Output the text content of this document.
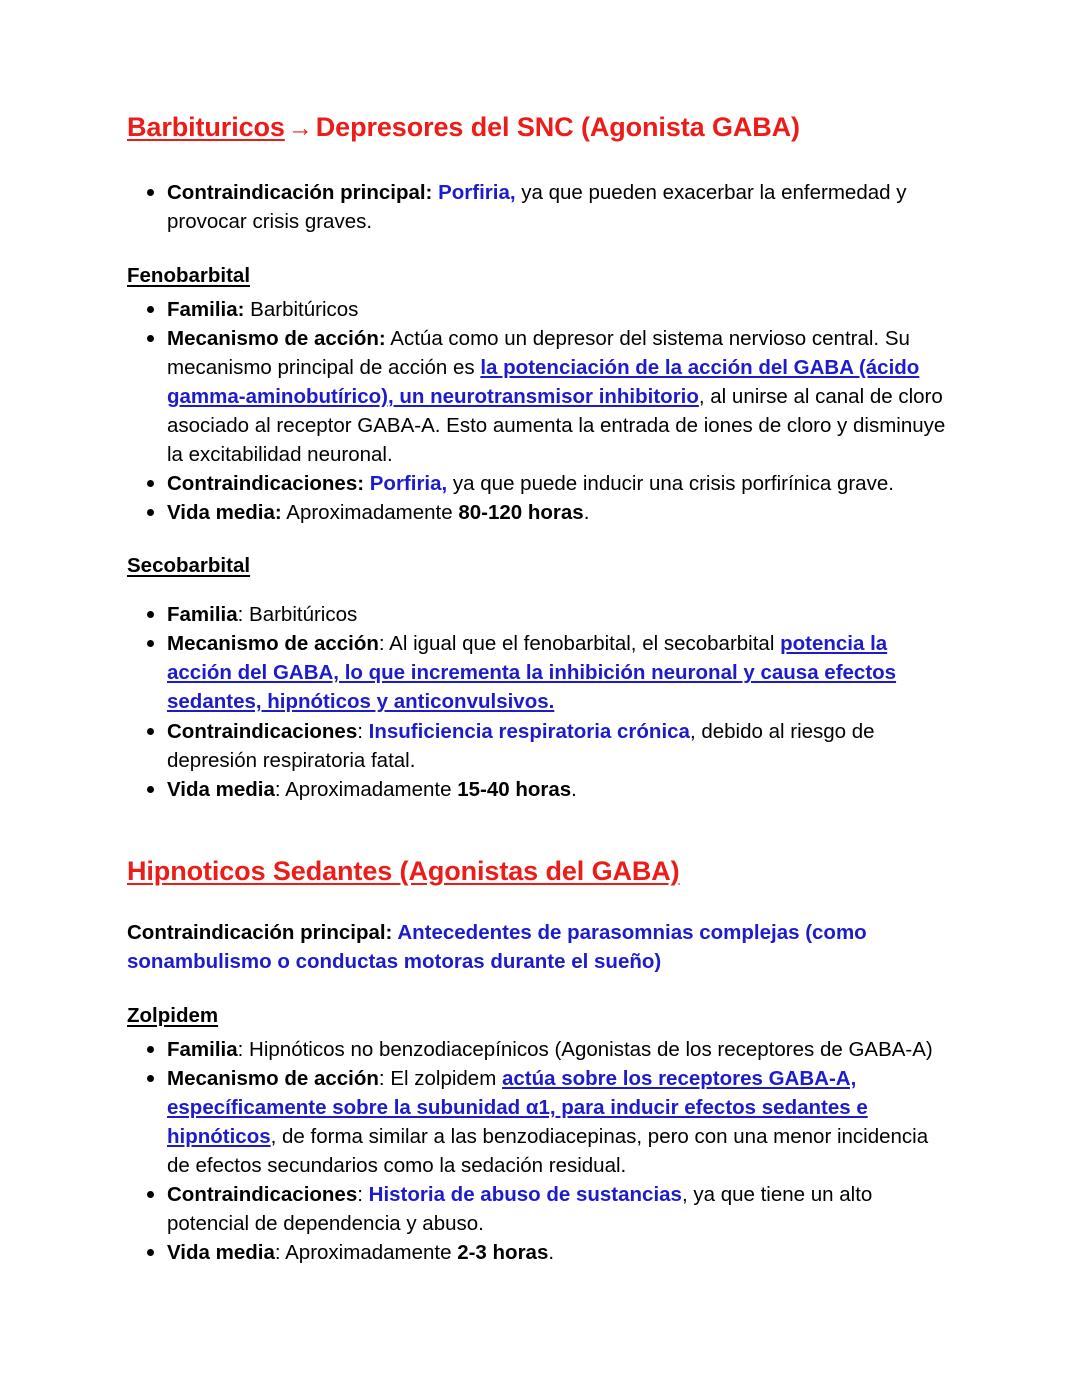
Barbituricos → Depresores del SNC (Agonista GABA)
Contraindicación principal: Porfiria, ya que pueden exacerbar la enfermedad y provocar crisis graves.
Fenobarbital
Familia: Barbitúricos
Mecanismo de acción: Actúa como un depresor del sistema nervioso central. Su mecanismo principal de acción es la potenciación de la acción del GABA (ácido gamma-aminobutírico), un neurotransmisor inhibitorio, al unirse al canal de cloro asociado al receptor GABA-A. Esto aumenta la entrada de iones de cloro y disminuye la excitabilidad neuronal.
Contraindicaciones: Porfiria, ya que puede inducir una crisis porfirínica grave.
Vida media: Aproximadamente 80-120 horas.
Secobarbital
Familia: Barbitúricos
Mecanismo de acción: Al igual que el fenobarbital, el secobarbital potencia la acción del GABA, lo que incrementa la inhibición neuronal y causa efectos sedantes, hipnóticos y anticonvulsivos.
Contraindicaciones: Insuficiencia respiratoria crónica, debido al riesgo de depresión respiratoria fatal.
Vida media: Aproximadamente 15-40 horas.
Hipnoticos Sedantes (Agonistas del GABA)

Contraindicación principal: Antecedentes de parasomnias complejas (como sonambulismo o conductas motoras durante el sueño)

Zolpidem
Familia: Hipnóticos no benzodiacepínicos (Agonistas de los receptores de GABA-A)
Mecanismo de acción: El zolpidem actúa sobre los receptores GABA-A, específicamente sobre la subunidad α1, para inducir efectos sedantes e hipnóticos, de forma similar a las benzodiacepinas, pero con una menor incidencia de efectos secundarios como la sedación residual.
Contraindicaciones: Historia de abuso de sustancias, ya que tiene un alto potencial de dependencia y abuso.
Vida media: Aproximadamente 2-3 horas.
